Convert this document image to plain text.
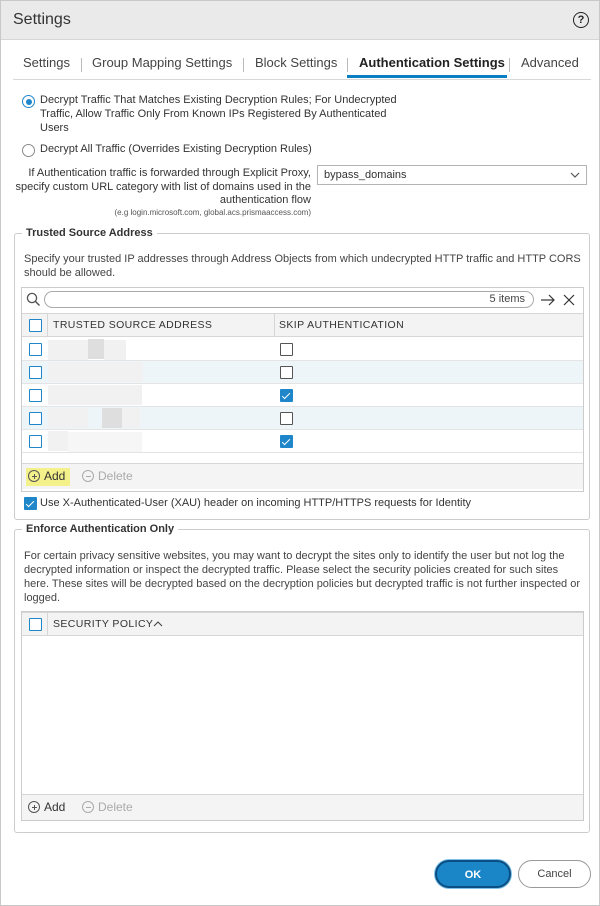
Settings	?
Settings Group Mapping Settings Block Settings Authentication Settings Advanced
Decrypt Traffic That Matches Existing Decryption Rules; For Undecrypted
Traffic, Allow Traffic Only From Known IPs Registered By Authenticated
Users
Decrypt All Traffic (Overrides Existing Decryption Rules)
If Authentication traffic is forwarded through Explicit Proxy,
specify custom URL category with list of domains used in the
authentication flow
(e.g login.microsoft.com, global.acs.prismaaccess.com)
bypass_domains
Trusted Source Address
Specify your trusted IP addresses through Address Objects from which undecrypted HTTP traffic and HTTP CORS should be allowed.
5 items
TRUSTED SOURCE ADDRESS	SKIP AUTHENTICATION
Add	Delete
Use X-Authenticated-User (XAU) header on incoming HTTP/HTTPS requests for Identity
Enforce Authentication Only
For certain privacy sensitive websites, you may want to decrypt the sites only to identify the user but not log the decrypted information or inspect the decrypted traffic. Please select the security policies created for such sites here. These sites will be decrypted based on the decryption policies but decrypted traffic is not further inspected or logged.
SECURITY POLICY
Add	Delete
OK	Cancel
